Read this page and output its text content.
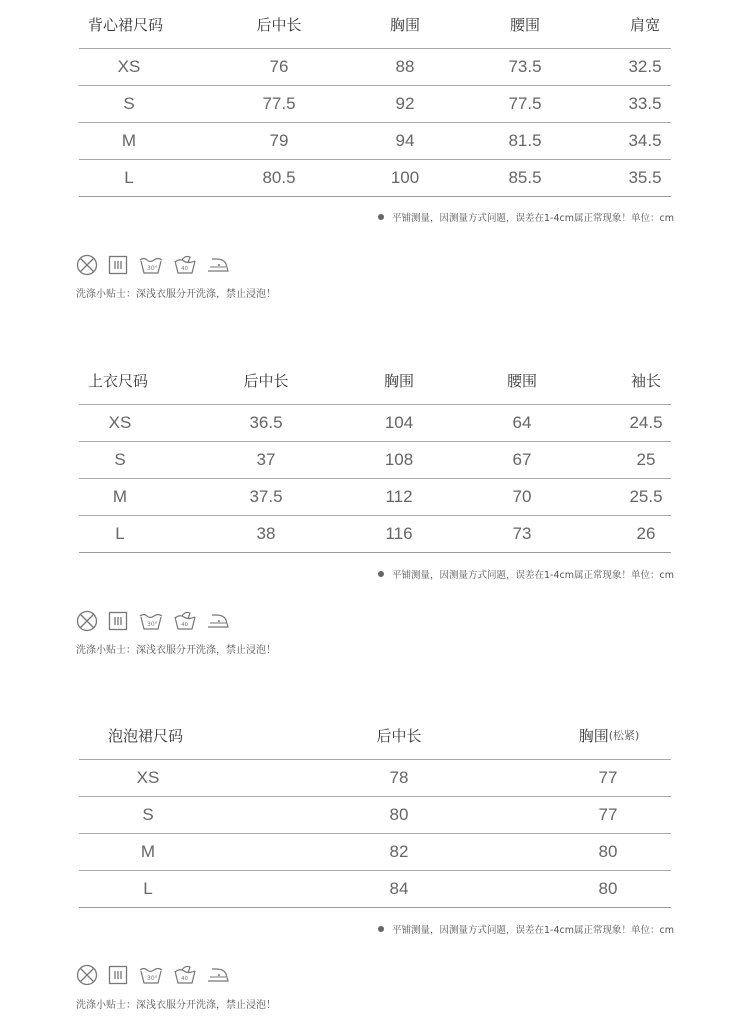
背心裙尺码	后中长	胸围	腰围	肩宽
XS	76	88	73.5	32.5
S	77.5	92	77.5	33.5
M	79	94	81.5	34.5
L	80.5	100	85.5	35.5
平铺测量，因测量方式问题，误差在1-4cm属正常现象！单位：cm
30°	40
洗涤小贴士：深浅衣服分开洗涤，禁止浸泡！
上衣尺码	后中长	胸围	腰围	袖长
XS	36.5	104	64	24.5
S	37	108	67	25
M	37.5	112	70	25.5
L	38	116	73	26
平铺测量，因测量方式问题，误差在1-4cm属正常现象！单位：cm
30°	40
洗涤小贴士：深浅衣服分开洗涤，禁止浸泡！
泡泡裙尺码	后中长	胸围 (松紧)
XS	78	77
S	80	77
M	82	80
L	84	80
平铺测量，因测量方式问题，误差在1-4cm属正常现象！单位：cm
30°	40
洗涤小贴士：深浅衣服分开洗涤，禁止浸泡！
